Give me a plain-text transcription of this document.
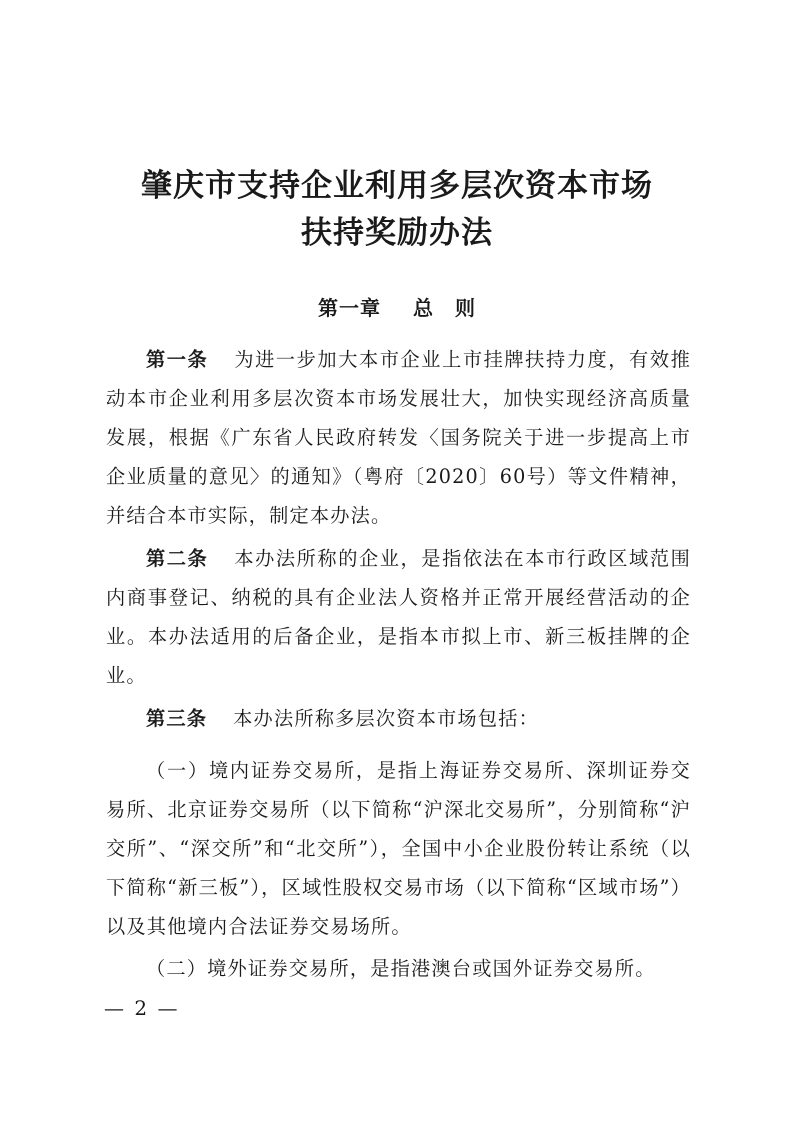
肇庆市支持企业利用多层次资本市场
扶持奖励办法
第一章 总　则

第一条 为进一步加大本市企业上市挂牌扶持力度，有效推动本市企业利用多层次资本市场发展壮大，加快实现经济高质量发展，根据《广东省人民政府转发〈国务院关于进一步提高上市企业质量的意见〉的通知》（粤府〔2020〕60号）等文件精神，并结合本市实际，制定本办法。

第二条 本办法所称的企业，是指依法在本市行政区域范围内商事登记、纳税的具有企业法人资格并正常开展经营活动的企业。本办法适用的后备企业，是指本市拟上市、新三板挂牌的企业。

第三条 本办法所称多层次资本市场包括：

（一）境内证券交易所，是指上海证券交易所、深圳证券交易所、北京证券交易所（以下简称“沪深北交易所”，分别简称“沪交所”、“深交所”和“北交所”），全国中小企业股份转让系统（以下简称“新三板”），区域性股权交易市场（以下简称“区域市场”）以及其他境内合法证券交易场所。

（二）境外证券交易所，是指港澳台或国外证券交易所。

— 2 —
